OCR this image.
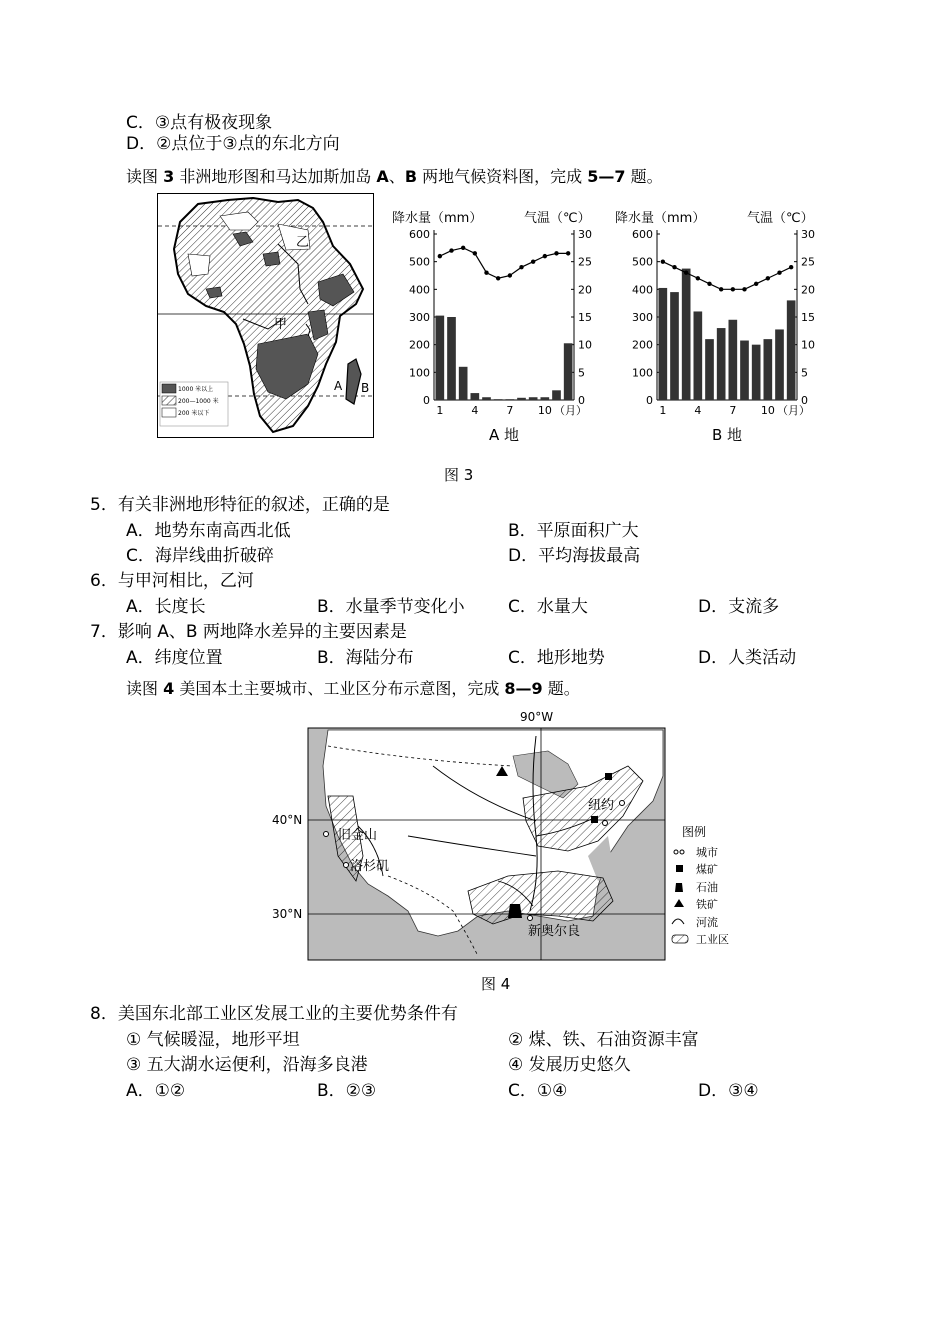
C．③点有极夜现象
D．②点位于③点的东北方向
读图 3 非洲地形图和马达加斯加岛 A、B 两地气候资料图，完成 5—7 题。
乙
甲
A B
1000 米以上
200—1000 米
200 米以下
降水量（mm）	气温（℃）
0
100
200
300
400
500
600
0
5
10
15
20
25
30
1	4	7 10 （月）
A 地
降水量（mm）	气温（℃）
0
100
200
300
400
500
600
0
5
10
15
20
25
30
1	4	7 10 （月）
B 地
图 3
5．有关非洲地形特征的叙述，正确的是
A．地势东南高西北低	B．平原面积广大
C．海岸线曲折破碎	D．平均海拔最高
6．与甲河相比，乙河
A．长度长	B．水量季节变化小	C．水量大	D．支流多
7．影响 A、B 两地降水差异的主要因素是
A．纬度位置	B．海陆分布	C．地形地势	D．人类活动
读图 4 美国本土主要城市、工业区分布示意图，完成 8—9 题。
90°W
旧金山
洛杉矶
纽约
新奥尔良
40°N
30°N
图例
城市
煤矿
石油
铁矿
河流
工业区
图 4
8．美国东北部工业区发展工业的主要优势条件有
① 气候暖湿，地形平坦	② 煤、铁、石油资源丰富
③ 五大湖水运便利，沿海多良港	④ 发展历史悠久
A．①②	B．②③	C．①④	D．③④
